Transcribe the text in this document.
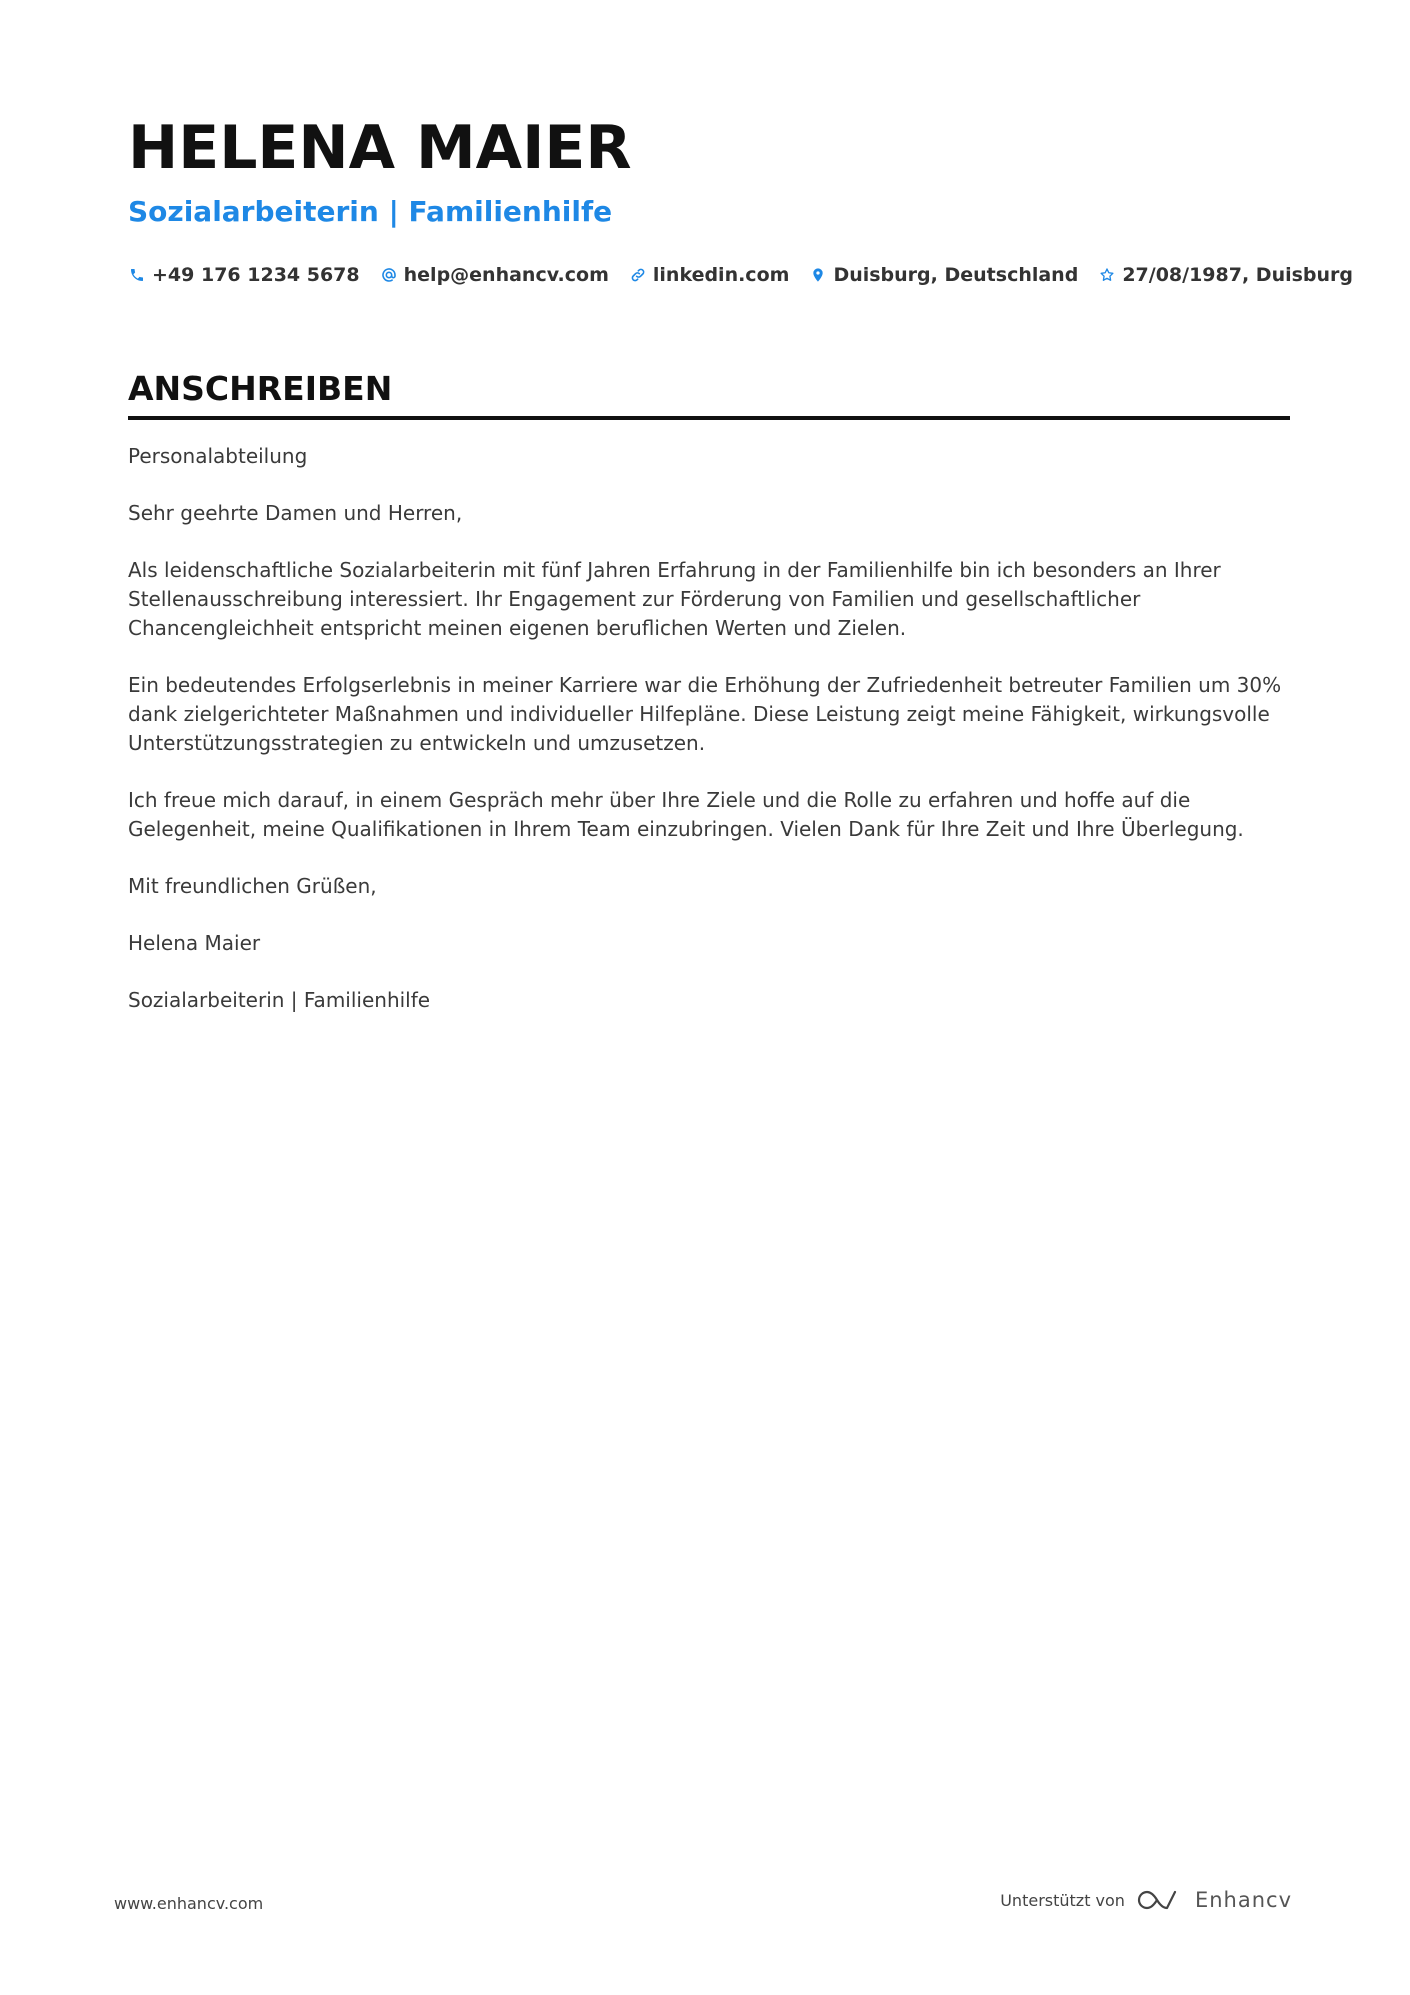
HELENA MAIER
Sozialarbeiterin | Familienhilfe
+49 176 1234 5678 help@enhancv.com linkedin.com Duisburg, Deutschland 27/08/1987, Duisburg
ANSCHREIBEN

Personalabteilung

Sehr geehrte Damen und Herren,

Als leidenschaftliche Sozialarbeiterin mit fünf Jahren Erfahrung in der Familienhilfe bin ich besonders an Ihrer Stellenausschreibung interessiert. Ihr Engagement zur Förderung von Familien und gesellschaftlicher Chancengleichheit entspricht meinen eigenen beruflichen Werten und Zielen.

Ein bedeutendes Erfolgserlebnis in meiner Karriere war die Erhöhung der Zufriedenheit betreuter Familien um 30% dank zielgerichteter Maßnahmen und individueller Hilfepläne. Diese Leistung zeigt meine Fähigkeit, wirkungsvolle Unterstützungsstrategien zu entwickeln und umzusetzen.

Ich freue mich darauf, in einem Gespräch mehr über Ihre Ziele und die Rolle zu erfahren und hoffe auf die Gelegenheit, meine Qualifikationen in Ihrem Team einzubringen. Vielen Dank für Ihre Zeit und Ihre Überlegung.

Mit freundlichen Grüßen,

Helena Maier

Sozialarbeiterin | Familienhilfe

www.enhancv.com	Unterstützt von	Enhancv
